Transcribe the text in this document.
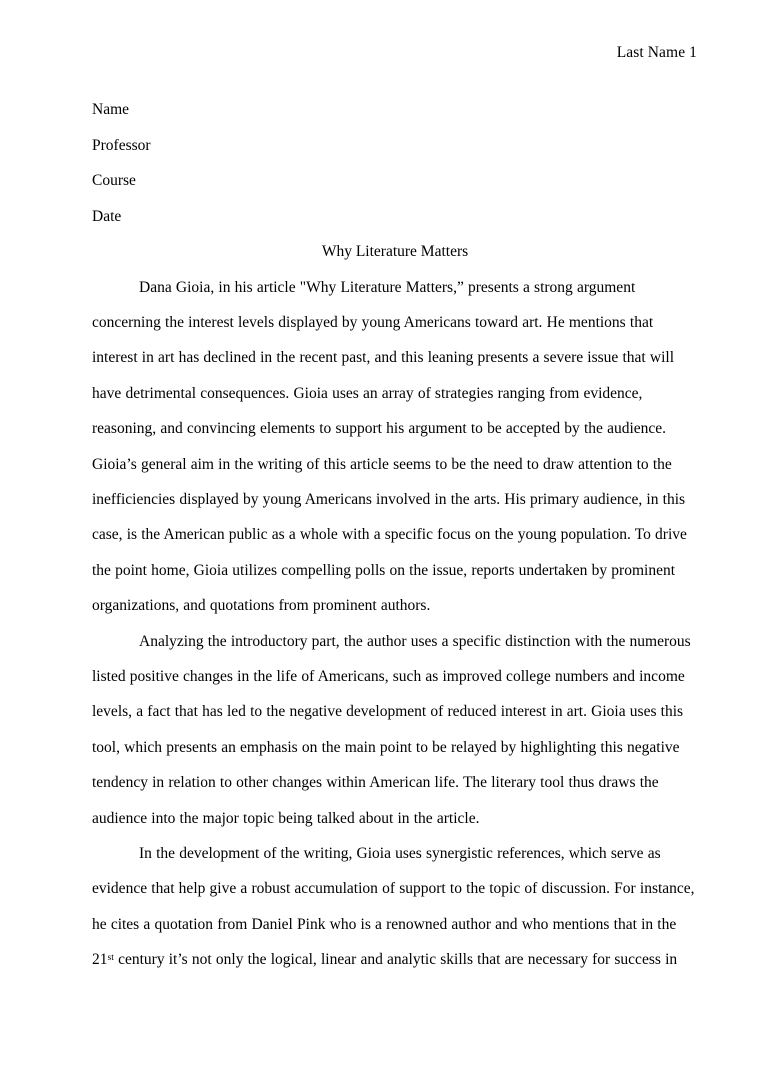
Last Name 1

Name

Professor

Course

Date

Why Literature Matters

Dana Gioia, in his article "Why Literature Matters,” presents a strong argument concerning the interest levels displayed by young Americans toward art. He mentions that interest in art has declined in the recent past, and this leaning presents a severe issue that will have detrimental consequences. Gioia uses an array of strategies ranging from evidence, reasoning, and convincing elements to support his argument to be accepted by the audience. Gioia’s general aim in the writing of this article seems to be the need to draw attention to the inefficiencies displayed by young Americans involved in the arts. His primary audience, in this case, is the American public as a whole with a specific focus on the young population. To drive the point home, Gioia utilizes compelling polls on the issue, reports undertaken by prominent organizations, and quotations from prominent authors.

Analyzing the introductory part, the author uses a specific distinction with the numerous listed positive changes in the life of Americans, such as improved college numbers and income levels, a fact that has led to the negative development of reduced interest in art. Gioia uses this tool, which presents an emphasis on the main point to be relayed by highlighting this negative tendency in relation to other changes within American life. The literary tool thus draws the audience into the major topic being talked about in the article.

In the development of the writing, Gioia uses synergistic references, which serve as evidence that help give a robust accumulation of support to the topic of discussion. For instance, he cites a quotation from Daniel Pink who is a renowned author and who mentions that in the 21st century it’s not only the logical, linear and analytic skills that are necessary for success in
